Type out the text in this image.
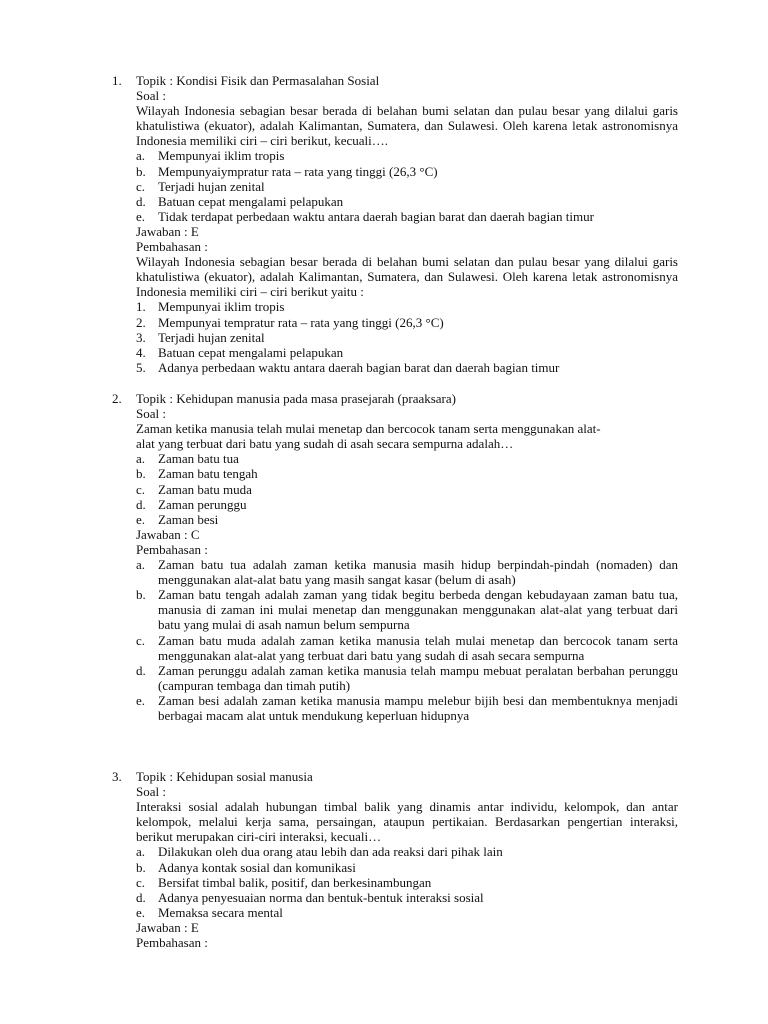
1.	Topik : Kondisi Fisik dan Permasalahan Sosial
Soal :
Wilayah Indonesia sebagian besar berada di belahan bumi selatan dan pulau besar yang dilalui garis khatulistiwa (ekuator), adalah Kalimantan, Sumatera, dan Sulawesi. Oleh karena letak astronomisnya Indonesia memiliki ciri – ciri berikut, kecuali….
a. Mempunyai iklim tropis
b. Mempunyaiympratur rata – rata yang tinggi (26,3 °C)
c. Terjadi hujan zenital
d. Batuan cepat mengalami pelapukan
e. Tidak terdapat perbedaan waktu antara daerah bagian barat dan daerah bagian timur
Jawaban : E
Pembahasan :
Wilayah Indonesia sebagian besar berada di belahan bumi selatan dan pulau besar yang dilalui garis khatulistiwa (ekuator), adalah Kalimantan, Sumatera, dan Sulawesi. Oleh karena letak astronomisnya Indonesia memiliki ciri – ciri berikut yaitu :
1. Mempunyai iklim tropis
2. Mempunyai tempratur rata – rata yang tinggi (26,3 °C)
3. Terjadi hujan zenital
4. Batuan cepat mengalami pelapukan
5. Adanya perbedaan waktu antara daerah bagian barat dan daerah bagian timur
2.	Topik : Kehidupan manusia pada masa prasejarah (praaksara)
Soal :
Zaman ketika manusia telah mulai menetap dan bercocok tanam serta menggunakan alat-
alat yang terbuat dari batu yang sudah di asah secara sempurna adalah…
a. Zaman batu tua
b. Zaman batu tengah
c. Zaman batu muda
d. Zaman perunggu
e. Zaman besi
Jawaban : C
Pembahasan :
a. Zaman batu tua adalah zaman ketika manusia masih hidup berpindah-pindah (nomaden) dan menggunakan alat-alat batu yang masih sangat kasar (belum di asah)
b. Zaman batu tengah adalah zaman yang tidak begitu berbeda dengan kebudayaan zaman batu tua, manusia di zaman ini mulai menetap dan menggunakan menggunakan alat-alat yang terbuat dari batu yang mulai di asah namun belum sempurna
c. Zaman batu muda adalah zaman ketika manusia telah mulai menetap dan bercocok tanam serta menggunakan alat-alat yang terbuat dari batu yang sudah di asah secara sempurna
d. Zaman perunggu adalah zaman ketika manusia telah mampu mebuat peralatan berbahan perunggu (campuran tembaga dan timah putih)
e. Zaman besi adalah zaman ketika manusia mampu melebur bijih besi dan membentuknya menjadi berbagai macam alat untuk mendukung keperluan hidupnya
3.	Topik : Kehidupan sosial manusia
Soal :
Interaksi sosial adalah hubungan timbal balik yang dinamis antar individu, kelompok, dan antar kelompok, melalui kerja sama, persaingan, ataupun pertikaian. Berdasarkan pengertian interaksi, berikut merupakan ciri-ciri interaksi, kecuali…
a. Dilakukan oleh dua orang atau lebih dan ada reaksi dari pihak lain
b. Adanya kontak sosial dan komunikasi
c. Bersifat timbal balik, positif, dan berkesinambungan
d. Adanya penyesuaian norma dan bentuk-bentuk interaksi sosial
e. Memaksa secara mental
Jawaban : E
Pembahasan :
